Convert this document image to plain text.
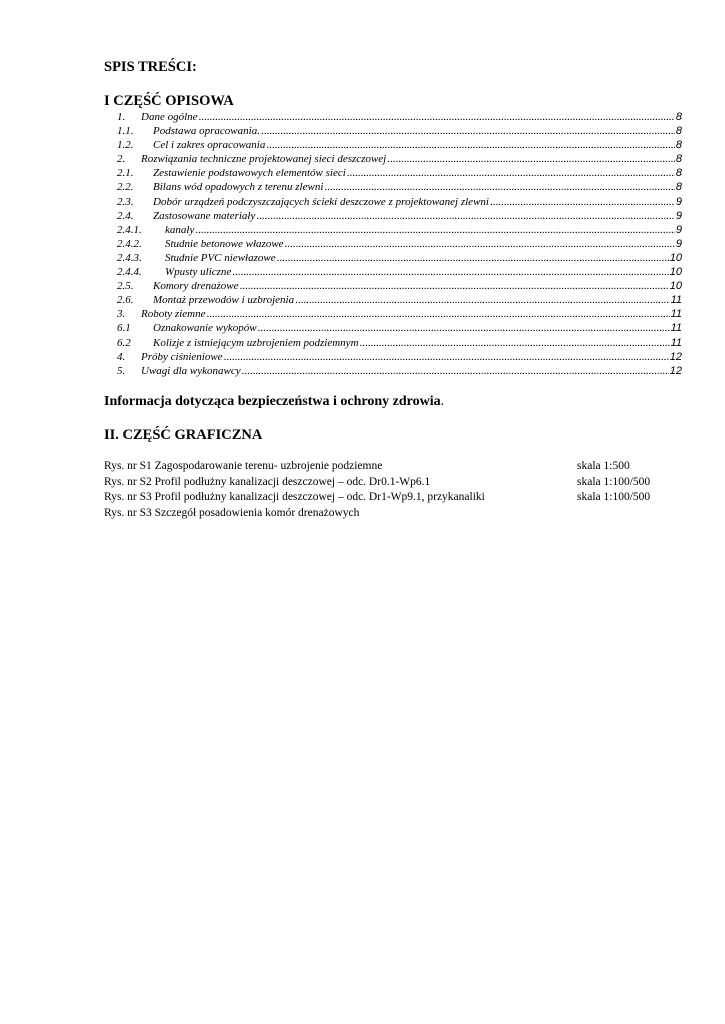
SPIS TREŚCI:
I CZĘŚĆ OPISOWA
1.	Dane ogólne .....	8
1.1.	Podstawa opracowania. .....	8
1.2.	Cel i zakres opracowania .....	8
2.	Rozwiązania techniczne projektowanej sieci deszczowej .....	8
2.1.	Zestawienie podstawowych elementów sieci .....	8
2.2.	Bilans wód opadowych z terenu zlewni .....	8
2.3.	Dobór urządzeń podczyszczających ścieki deszczowe z projektowanej zlewni .....	9
2.4.	Zastosowane materiały .....	9
2.4.1.	kanały .....	9
2.4.2.	Studnie betonowe włazowe .....	9
2.4.3.	Studnie PVC niewłazowe .....	10
2.4.4.	Wpusty uliczne .....	10
2.5.	Komory drenażowe .....	10
2.6.	Montaż przewodów i uzbrojenia .....	11
3.	Roboty ziemne .....	11
6.1	Oznakowanie wykopów .....	11
6.2	Kolizje z istniejącym uzbrojeniem podziemnym .....	11
4.	Próby ciśnieniowe .....	12
5.	Uwagi dla wykonawcy .....	12
Informacja dotycząca bezpieczeństwa i ochrony zdrowia.
II. CZĘŚĆ GRAFICZNA
Rys. nr S1 Zagospodarowanie terenu- uzbrojenie podziemne	skala 1:500
Rys. nr S2 Profil podłużny kanalizacji deszczowej – odc. Dr0.1-Wp6.1	skala 1:100/500
Rys. nr S3 Profil podłużny kanalizacji deszczowej – odc. Dr1-Wp9.1, przykanaliki	skala 1:100/500
Rys. nr S3 Szczegół posadowienia komór drenażowych
